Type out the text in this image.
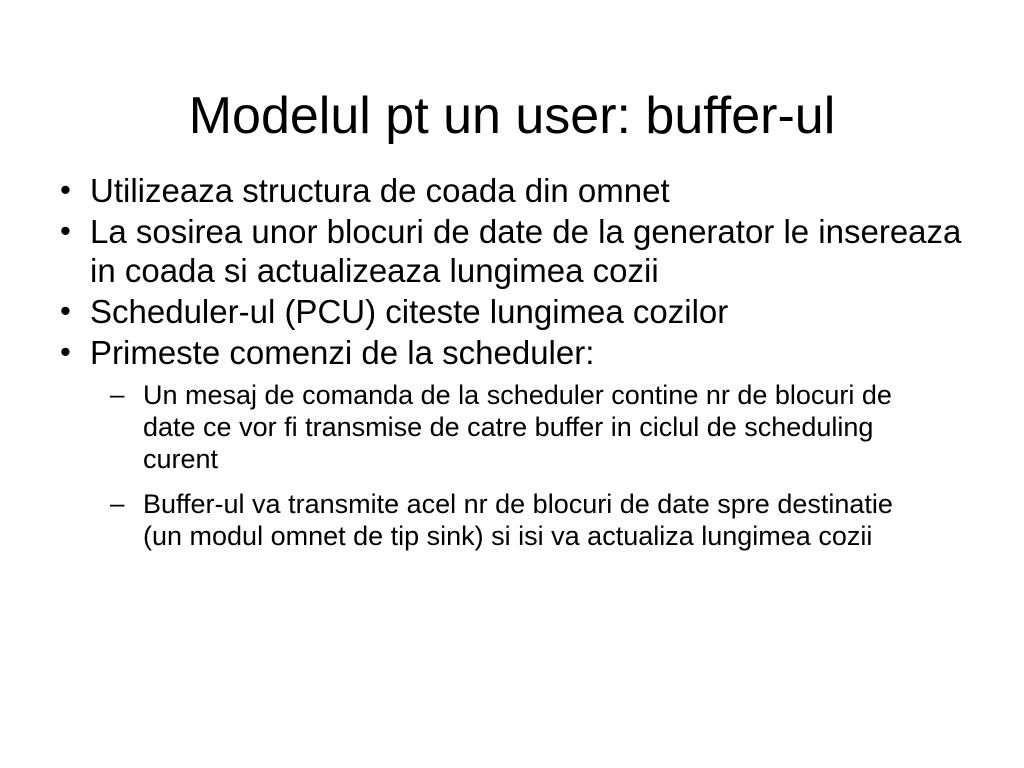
Modelul pt un user: buffer-ul
• Utilizeaza structura de coada din omnet
• La sosirea unor blocuri de date de la generator le insereaza in coada si actualizeaza lungimea cozii
• Scheduler-ul (PCU) citeste lungimea cozilor
• Primeste comenzi de la scheduler:
– Un mesaj de comanda de la scheduler contine nr de blocuri de date ce vor fi transmise de catre buffer in ciclul de scheduling curent
– Buffer-ul va transmite acel nr de blocuri de date spre destinatie (un modul omnet de tip sink) si isi va actualiza lungimea cozii
